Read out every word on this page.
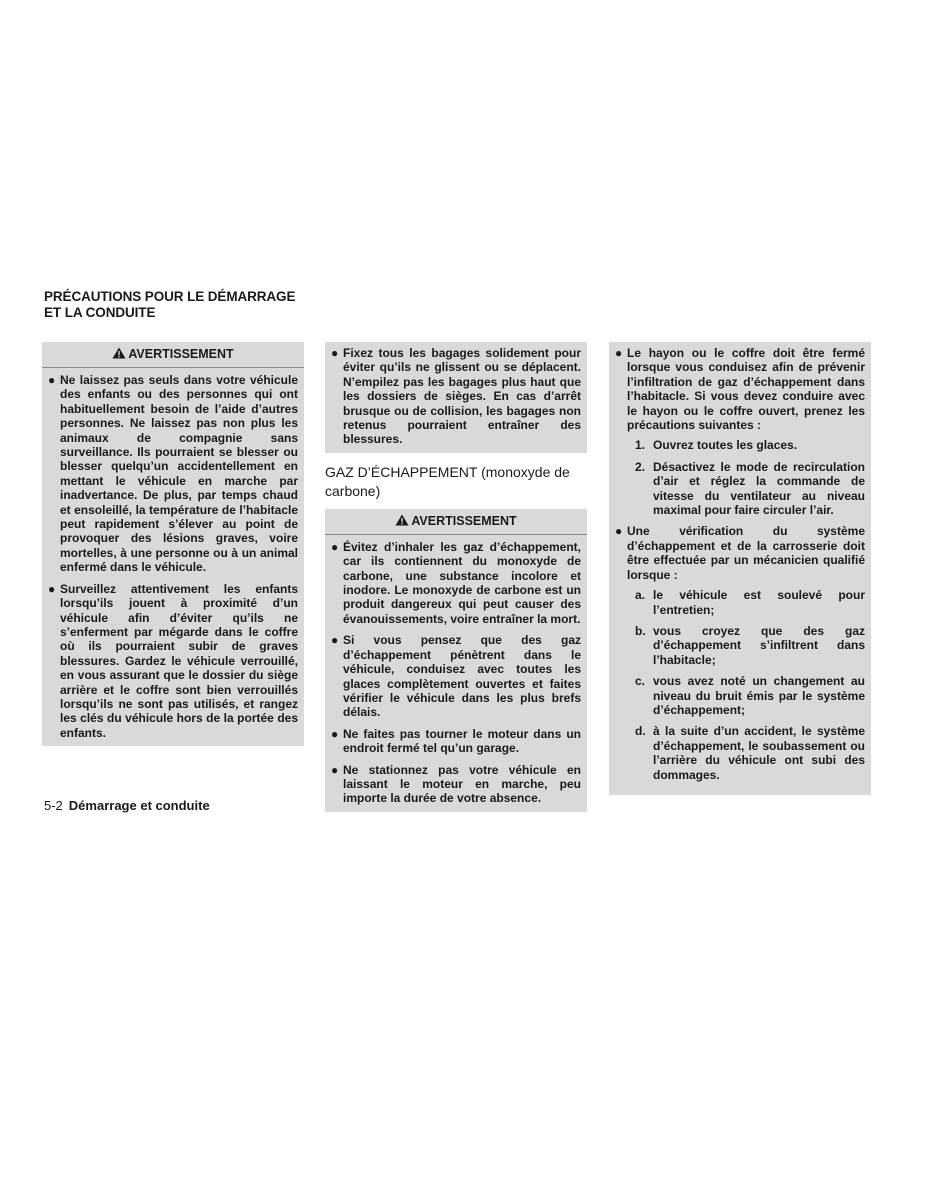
PRÉCAUTIONS POUR LE DÉMARRAGE ET LA CONDUITE
AVERTISSEMENT
● Ne laissez pas seuls dans votre véhicule des enfants ou des personnes qui ont habituellement besoin de l’aide d’autres personnes. Ne laissez pas non plus les animaux de compagnie sans surveillance. Ils pourraient se blesser ou blesser quelqu’un accidentellement en mettant le véhicule en marche par inadvertance. De plus, par temps chaud et ensoleillé, la température de l’habitacle peut rapidement s’élever au point de provoquer des lésions graves, voire mortelles, à une personne ou à un animal enfermé dans le véhicule.
● Surveillez attentivement les enfants lorsqu’ils jouent à proximité d’un véhicule afin d’éviter qu’ils ne s’enferment par mégarde dans le coffre où ils pourraient subir de graves blessures. Gardez le véhicule verrouillé, en vous assurant que le dossier du siège arrière et le coffre sont bien verrouillés lorsqu’ils ne sont pas utilisés, et rangez les clés du véhicule hors de la portée des enfants.
● Fixez tous les bagages solidement pour éviter qu’ils ne glissent ou se déplacent. N’empilez pas les bagages plus haut que les dossiers de sièges. En cas d’arrêt brusque ou de collision, les bagages non retenus pourraient entraîner des blessures.
GAZ D’ÉCHAPPEMENT (monoxyde de carbone)
AVERTISSEMENT
● Évitez d’inhaler les gaz d’échappement, car ils contiennent du monoxyde de carbone, une substance incolore et inodore. Le monoxyde de carbone est un produit dangereux qui peut causer des évanouissements, voire entraîner la mort.
● Si vous pensez que des gaz d’échappement pénètrent dans le véhicule, conduisez avec toutes les glaces complètement ouvertes et faites vérifier le véhicule dans les plus brefs délais.
● Ne faites pas tourner le moteur dans un endroit fermé tel qu’un garage.
● Ne stationnez pas votre véhicule en laissant le moteur en marche, peu importe la durée de votre absence.
● Le hayon ou le coffre doit être fermé lorsque vous conduisez afin de prévenir l’infiltration de gaz d’échappement dans l’habitacle. Si vous devez conduire avec le hayon ou le coffre ouvert, prenez les précautions suivantes :
1. Ouvrez toutes les glaces.
2. Désactivez le mode de recirculation d’air et réglez la commande de vitesse du ventilateur au niveau maximal pour faire circuler l’air.
● Une vérification du système d’échappement et de la carrosserie doit être effectuée par un mécanicien qualifié lorsque :
a. le véhicule est soulevé pour l’entretien;
b. vous croyez que des gaz d’échappement s’infiltrent dans l’habitacle;
c. vous avez noté un changement au niveau du bruit émis par le système d’échappement;
d. à la suite d’un accident, le système d’échappement, le soubassement ou l’arrière du véhicule ont subi des dommages.
5-2 Démarrage et conduite
